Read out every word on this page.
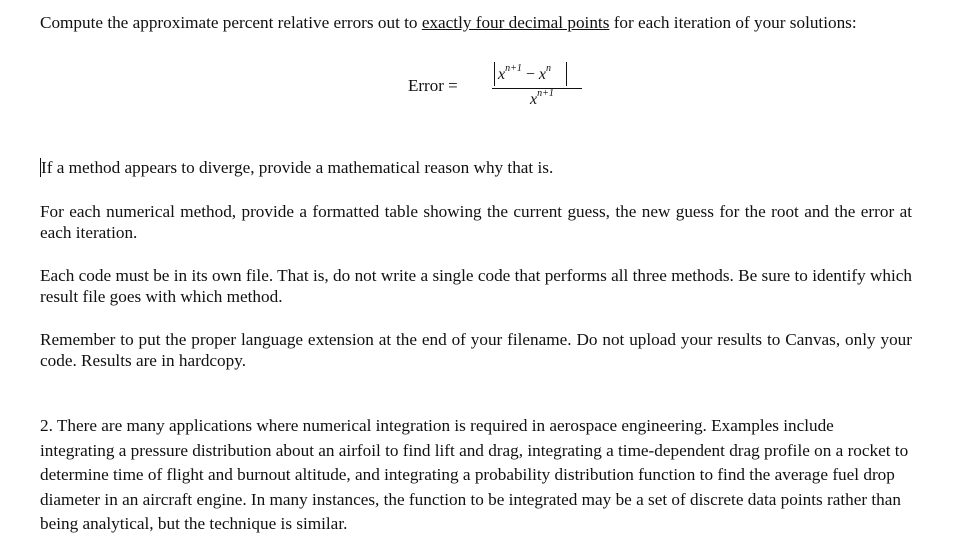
Compute the approximate percent relative errors out to exactly four decimal points for each iteration of your solutions:

Error =
$x^{n+1} - x^n$
$x^{n+1}$

If a method appears to diverge, provide a mathematical reason why that is.

For each numerical method, provide a formatted table showing the current guess, the new guess for the root and the error at each iteration.

Each code must be in its own file. That is, do not write a single code that performs all three methods. Be sure to identify which result file goes with which method.

Remember to put the proper language extension at the end of your filename. Do not upload your results to Canvas, only your code. Results are in hardcopy.

2. There are many applications where numerical integration is required in aerospace engineering. Examples include integrating a pressure distribution about an airfoil to find lift and drag, integrating a time-dependent drag profile on a rocket to determine time of flight and burnout altitude, and integrating a probability distribution function to find the average fuel drop diameter in an aircraft engine. In many instances, the function to be integrated may be a set of discrete data points rather than being analytical, but the technique is similar.
